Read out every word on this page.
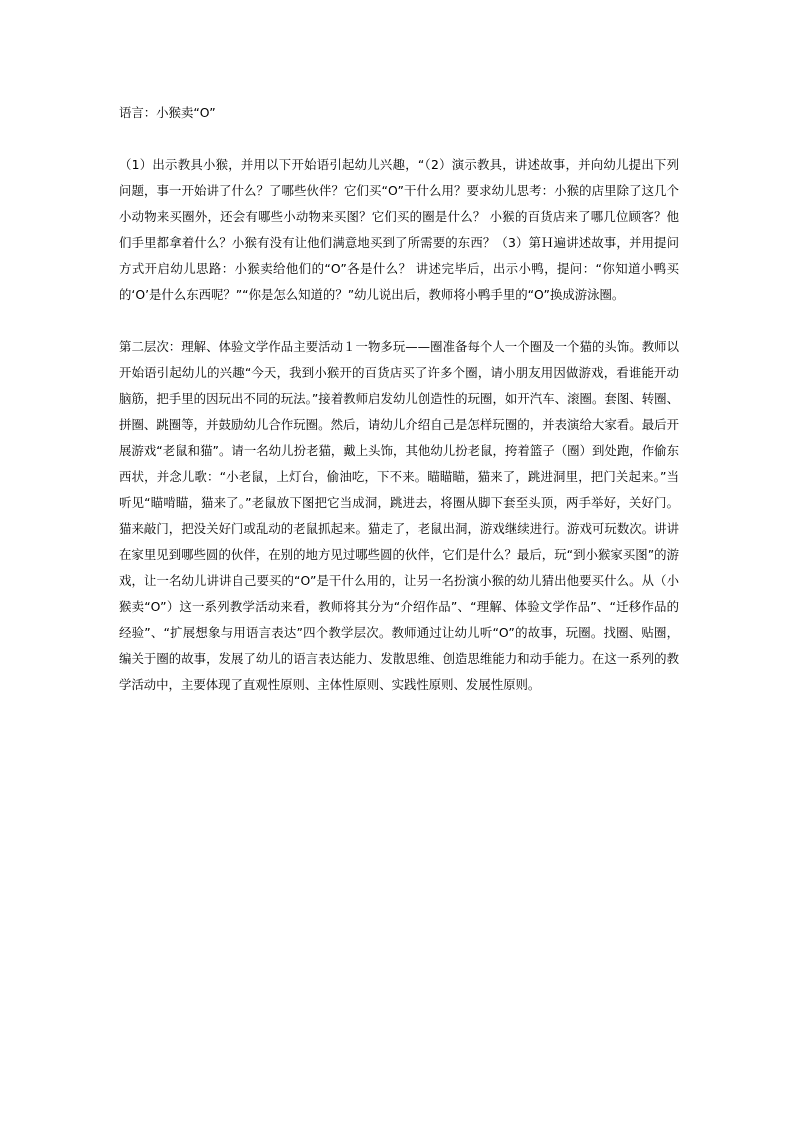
语言：小猴卖“O”

（1）出示教具小猴，并用以下开始语引起幼儿兴趣，“（2）演示教具，讲述故事，并向幼儿提出下列问题，事一开始讲了什么？了哪些伙伴？它们买“O”干什么用？要求幼儿思考：小猴的店里除了这几个小动物来买圈外，还会有哪些小动物来买图？它们买的圈是什么？ 小猴的百货店来了哪几位顾客？他们手里都拿着什么？小猴有没有让他们满意地买到了所需要的东西？（3）第Ｈ遍讲述故事，并用提问方式开启幼儿思路：小猴卖给他们的“O”各是什么？ 讲述完毕后，出示小鸭，提问：“你知道小鸭买的‘O’是什么东西呢？”“你是怎么知道的？”幼儿说出后，教师将小鸭手里的“O”换成游泳圈。

第二层次：理解、体验文学作品主要活动１一物多玩——圈准备每个人一个圈及一个猫的头饰。教师以开始语引起幼儿的兴趣“今天，我到小猴开的百货店买了许多个圈，请小朋友用因做游戏，看谁能开动脑筋，把手里的因玩出不同的玩法。”接着教师启发幼儿创造性的玩圈，如开汽车、滚圈。套图、转圈、拼圈、跳圈等，并鼓励幼儿合作玩圈。然后，请幼儿介绍自己是怎样玩圈的，并表演给大家看。最后开展游戏“老鼠和猫”。请一名幼儿扮老猫，戴上头饰，其他幼儿扮老鼠，挎着篮子（圈）到处跑，作偷东西状，并念儿歌：“小老鼠，上灯台，偷油吃，下不来。瞄瞄瞄，猫来了，跳进洞里，把门关起来。”当听见“瞄啃瞄，猫来了。”老鼠放下图把它当成洞，跳进去，将圈从脚下套至头顶，两手举好，关好门。猫来敲门，把没关好门或乱动的老鼠抓起来。猫走了，老鼠出洞，游戏继续进行。游戏可玩数次。讲讲在家里见到哪些圆的伙伴，在别的地方见过哪些圆的伙伴，它们是什么？最后，玩“到小猴家买图”的游戏，让一名幼儿讲讲自己要买的“O”是干什么用的，让另一名扮演小猴的幼儿猜出他要买什么。从（小猴卖“O”）这一系列教学活动来看，教师将其分为“介绍作品”、“理解、体验文学作品”、“迁移作品的经验”、“扩展想象与用语言表达”四个教学层次。教师通过让幼儿听“O”的故事，玩圈。找圈、贴圈，编关于圈的故事，发展了幼儿的语言表达能力、发散思维、创造思维能力和动手能力。在这一系列的教学活动中，主要体现了直观性原则、主体性原则、实践性原则、发展性原则。
